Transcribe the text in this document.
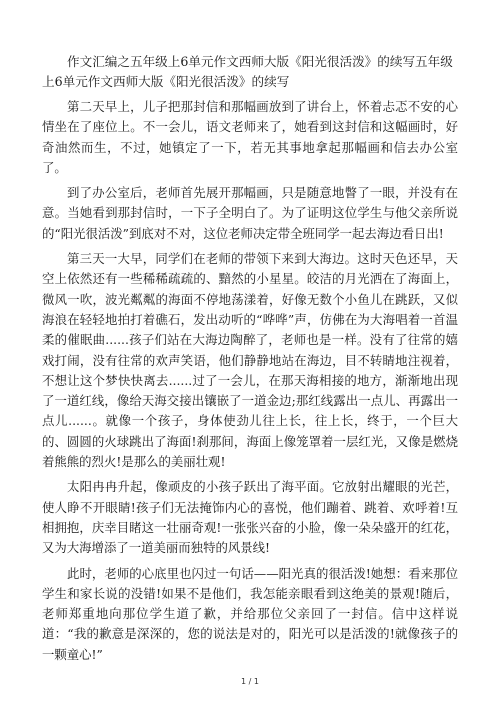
作文汇编之五年级上6单元作文西师大版《阳光很活泼》的续写五年级上6单元作文西师大版《阳光很活泼》的续写

第二天早上，儿子把那封信和那幅画放到了讲台上，怀着忐忑不安的心情坐在了座位上。不一会儿，语文老师来了，她看到这封信和这幅画时，好奇油然而生，不过，她镇定了一下，若无其事地拿起那幅画和信去办公室了。

到了办公室后，老师首先展开那幅画，只是随意地瞥了一眼，并没有在意。当她看到那封信时，一下子全明白了。为了证明这位学生与他父亲所说的“阳光很活泼”到底对不对，这位老师决定带全班同学一起去海边看日出!

第三天一大早，同学们在老师的带领下来到大海边。这时天色还早，天空上依然还有一些稀稀疏疏的、黯然的小星星。皎洁的月光洒在了海面上，微风一吹，波光粼粼的海面不停地荡漾着，好像无数个小鱼儿在跳跃，又似海浪在轻轻地拍打着礁石，发出动听的“哗哗”声，仿佛在为大海唱着一首温柔的催眠曲......孩子们站在大海边陶醉了，老师也是一样。没有了往常的嬉戏打闹，没有往常的欢声笑语，他们静静地站在海边，目不转睛地注视着，不想让这个梦快快离去......过了一会儿，在那天海相接的地方，渐渐地出现了一道红线，像给天海交接出镶嵌了一道金边;那红线露出一点儿、再露出一点儿......。就像一个孩子，身体使劲儿往上长，往上长，终于，一个巨大的、圆圆的火球跳出了海面!刹那间，海面上像笼罩着一层红光，又像是燃烧着熊熊的烈火!是那么的美丽壮观!

太阳冉冉升起，像顽皮的小孩子跃出了海平面。它放射出耀眼的光芒，使人睁不开眼睛!孩子们无法掩饰内心的喜悦，他们蹦着、跳着、欢呼着!互相拥抱，庆幸目睹这一壮丽奇观!一张张兴奋的小脸，像一朵朵盛开的红花，又为大海增添了一道美丽而独特的风景线!

此时，老师的心底里也闪过一句话——阳光真的很活泼!她想：看来那位学生和家长说的没错!如果不是他们，我怎能亲眼看到这绝美的景观!随后，老师郑重地向那位学生道了歉，并给那位父亲回了一封信。信中这样说道：“我的歉意是深深的，您的说法是对的，阳光可以是活泼的!就像孩子的一颗童心!”

1 / 1
